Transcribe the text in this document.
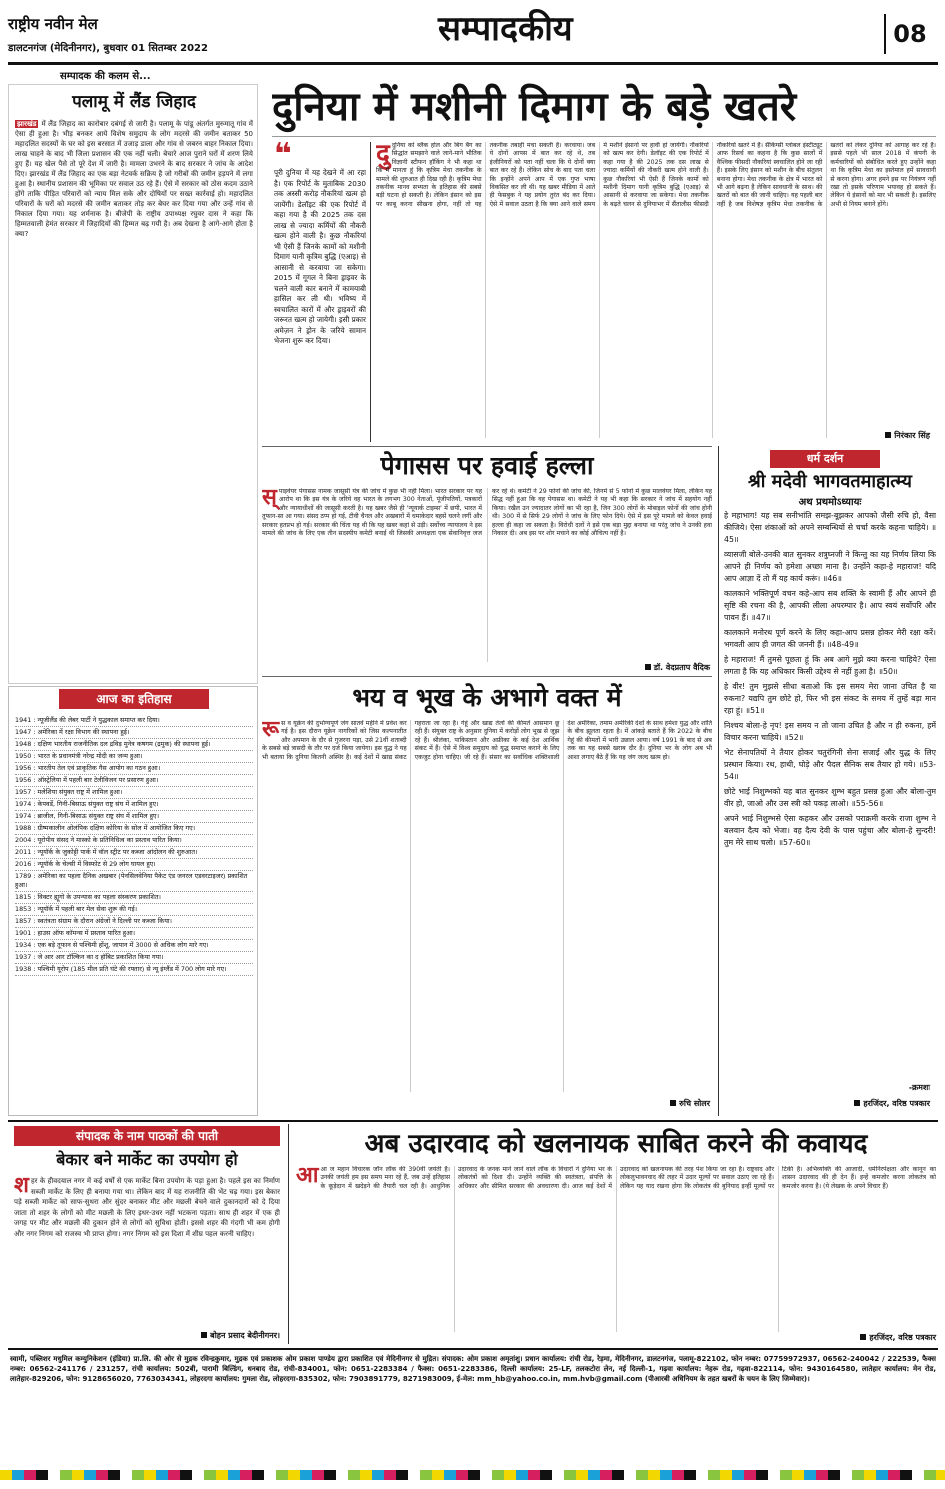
राष्ट्रीय नवीन मेल
डालटनगंज (मेदिनीनगर), बुधवार 01 सितम्बर 2022	सम्पादकीय	08
सम्पादक की कलम से...
पलामू में लैंड जिहाद
झारखंड में लैंड जिहाद का कारोबार दबंगई से जारी है। पलामू के पांडू अंतर्गत मुरुमातू गांव में ऐसा ही हुआ है। भीड़ बनकर आये विशेष समुदाय के लोग मदरसे की जमीन बताकर 50 महादलित सदस्यों के घर को इस बरसात में उजाड़ डाला और गांव से जबरन बाहर निकाल दिया। लाख चाहने के बाद भी जिला प्रशासन की एक नहीं चली। बेचारे आज पुराने घरों में शरण लिये हुए हैं। यह खेल पैसे तो पूरे देश में जारी है। मामला उभरने के बाद सरकार ने जांच के आदेश दिए। झारखंड में लैंड जिहाद का एक बड़ा नेटवर्क सक्रिय है जो गरीबों की जमीन हड़पने में लगा हुआ है। स्थानीय प्रशासन की भूमिका पर सवाल उठ रहे हैं। ऐसे में सरकार को ठोस कदम उठाने होंगे ताकि पीड़ित परिवारों को न्याय मिल सके और दोषियों पर सख्त कार्रवाई हो। महादलित परिवारों के घरों को मदरसे की जमीन बताकर तोड़ कर बेघर कर दिया गया और उन्हें गांव से निकाल दिया गया। यह शर्मनाक है। बीजेपी के राष्ट्रीय उपाध्यक्ष रघुवर दास ने कहा कि हिम्मतवाली हेमंत सरकार में जिहादियों की हिम्मत बढ़ गयी है। अब देखना है आगे-आगे होता है क्या?
आज का इतिहास
1941 : न्यूजीलैंड की लेबर पार्टी ने युद्धकाल समाप्त कर दिया।
1947 : अमेरिका में रक्षा विभाग की स्थापना हुई।
1948 : दक्षिण भारतीय राजनीतिक दल द्रविड़ मुनेत्र कषगम (द्रमुक) की स्थापना हुई।
1950 : भारत के प्रधानमंत्री नरेन्द्र मोदी का जन्म हुआ।
1956 : भारतीय तेल एवं प्राकृतिक गैस आयोग का गठन हुआ।
1956 : ऑस्ट्रेलिया में पहली बार टेलीविजन पर प्रसारण हुआ।
1957 : मलेशिया संयुक्त राष्ट्र में शामिल हुआ।
1974 : केपवर्डे, गिनी-बिसाऊ संयुक्त राष्ट्र संघ में शामिल हुए।
1974 : ब्राजील, गिनी-बिसाऊ संयुक्त राष्ट्र संघ में शामिल हुए।
1988 : ग्रीष्मकालीन ओलंपिक दक्षिण कोरिया के सोल में आयोजित किए गए।
2004 : यूरोपीय संसद ने मास्को के प्रतिनिधित्व का प्रस्ताव पारित किया।
2011 : न्यूयॉर्क के जुकोट्टी पार्क में वॉल स्ट्रीट पर कब्जा आंदोलन की शुरुआत।
2016 : न्यूयॉर्क के चेल्सी में विस्फोट से 29 लोग घायल हुए।
1789 : अमेरिका का पहला दैनिक अखबार (पेनसिलवेनिया पैकेट एंड जनरल एडवरटाइजर) प्रकाशित हुआ।
1815 : विक्टर ह्यूगो के उपन्यास का पहला संस्करण प्रकाशित।
1853 : न्यूयॉर्क में पहली बार मेल सेवा शुरू की गई।
1857 : स्वतंत्रता संग्राम के दौरान अंग्रेजों ने दिल्ली पर कब्जा किया।
1901 : हाउस ऑफ कॉमन्स में प्रस्ताव पारित हुआ।
1934 : एक बड़े तूफान से पश्चिमी होंशू, जापान में 3000 से अधिक लोग मारे गए।
1937 : जे आर आर टॉल्किन का द हॉबिट प्रकाशित किया गया।
1938 : पश्चिमी यूरोप (185 मील प्रति घंटे की रफ्तार) से न्यू इंग्लैंड में 700 लोग मारे गए।
दुनिया में मशीनी दिमाग के बड़े खतरे
❝
पूरी दुनिया में यह देखने में आ रहा है। एक रिपोर्ट के मुताबिक 2030 तक अस्सी करोड़ नौकरियां खत्म हो जायेंगी। डेलॉइट की एक रिपोर्ट में कहा गया है की 2025 तक दस लाख से ज्यादा कर्मियों की नौकरी खत्म होने वाली है। कुछ नौकरियां भी ऐसी हैं जिनके कामों को मशीनी दिमाग यानी कृत्रिम बुद्धि (एआइ) से आसानी से करवाया जा सकेगा। 2015 में गूगल ने बिना ड्राइवर के चलने वाली कार बनाने में कामयाबी हासिल कर ली थी। भविष्य में स्वचालित कारों में और ड्राइवरों की जरूरत खत्म हो जायेगी। इसी प्रकार अमेज़न ने ड्रोन के जरिये सामान भेजना शुरू कर दिया।
दुदुनिया को ब्लैक होल और बिग बैंग का सिद्धांत समझाने वाले जाने-माने भौतिक विज्ञानी स्टीफन हॉकिंग ने भी कहा था कि मैं मानता हूं कि कृत्रिम मेधा तकनीक के मामले की शुरुआत ही दिख रही है। कृत्रिम मेधा तकनीक मानव सभ्यता के इतिहास की सबसे बड़ी घटना हो सकती है। लेकिन इंसान को इस पर काबू करना सीखना होगा, नहीं तो यह तकनीक तबाही मचा सकती है। करवाया। जब ये दोनों आपस में बात कर रहे थे, तब इंजीनियरों को पता नहीं चला कि ये दोनों क्या बात कर रहे हैं। लेकिन सोच के बाद पता चला कि इन्होंने अपने आप में एक गुप्त भाषा विकसित कर ली थी। यह खबर मीडिया में आते ही फेसबुक ने यह प्रयोग तुरंत बंद कर दिया। ऐसे में सवाल उठता है कि क्या आने वाले समय में मशीनें इंसानों पर हावी हो जायेंगी। नौकरियों को खत्म कर देगी। डेलॉइट की एक रिपोर्ट में कहा गया है की 2025 तक दस लाख से ज्यादा कर्मियों की नौकरी खत्म होने वाली है। कुछ नौकरियां भी ऐसी हैं जिनके कामों को मशीनी दिमाग यानी कृत्रिम बुद्धि (एआइ) से आसानी से करवाया जा सकेगा। मेधा तकनीक के बढ़ते चलन से दुनियाभर में सैंतालीस फीसदी नौकरियों खतरे में हैं। सैकिंग्सी ग्लोबल इंस्टीट्यूट आफ रिसर्च का कहना है कि कुछ सालों में वैश्विक फीसदी नौकरियां स्वचालित होने जा रही हैं। इसके लिए इंसान को मशीन के बीच संतुलन बनाना होगा। मेधा तकनीक के क्षेत्र में भारत को भी आगे बढ़ना है लेकिन सावधानी के साथ। की खतरों को बात की जानी चाहिए। यह पहली बार नहीं है जब विशेषज्ञ कृत्रिम मेधा तकनीक के खतरों को लेकर दुनिया को आगाह कर रहे हैं। इससे पहले भी साल 2018 में कंपनी के कर्मचारियों को संबोधित करते हुए उन्होंने कहा था कि कृत्रिम मेधा का इस्तेमाल हमें सावधानी से करना होगा। अगर हमने इस पर नियंत्रण नहीं रखा तो इसके परिणाम भयावह हो सकते हैं। लेकिन ये इंसानों को मार भी सकती है। इसलिए अभी से नियम बनाने होंगे।
निरंकार सिंह
पेगासस पर हवाई हल्ला
स्पाइवेयर पेगासस नामक जासूसी यंत्र की जांच में कुछ भी नहीं मिला। भारत सरकार पर यह आरोप था कि इस यंत्र के जरिये वह भारत के लगभग 300 नेताओं, पूंजीपतियों, पत्रकारों और न्यायाधीशों की जासूसी करती है। यह खबर जैसे ही 'न्यूयार्क टाइम्स' में छपी, भारत में तूफान-सा आ गया। संसद ठप्प हो गई, टीवी चैनल और अखबारों में धमाकेदार बहसें चलने लगीं और सरकार हतप्रभ हो गई। सरकार की चिंता यह थी कि यह खबर कहां से उड़ी। सर्वोच्च न्यायालय ने इस मामले की जांच के लिए एक तीन सदस्यीय कमेटी बनाई थी जिसकी अध्यक्षता एक सेवानिवृत्त जज कर रहे थे। कमेटी ने 29 फोनों की जांच की, जिनमें से 5 फोनों में कुछ मालवेयर मिला, लेकिन यह सिद्ध नहीं हुआ कि वह पेगासस था। कमेटी ने यह भी कहा कि सरकार ने जांच में सहयोग नहीं किया। रखैल उन ज्यादातर लोगों का भी रहा है, जिन 300 लोगों के मोबाइल फोनों की जांच होनी थी। 300 में से सिर्फ 29 लोगों ने जांच के लिए फोन दिये। ऐसे में इस पूरे मामले को केवल हवाई हल्ला ही कहा जा सकता है। विरोधी दलों ने इसे एक बड़ा मुद्दा बनाया था परंतु जांच ने उनकी हवा निकाल दी। अब इस पर शोर मचाने का कोई औचित्य नहीं है।
डॉ. वेदप्रताप वैदिक
भय व भूख के अभागे वक्त में
रूस व यूक्रेन की दुर्भाग्यपूर्ण जंग सातवें महीने में प्रवेश कर गई है। इस दौरान यूक्रेन नागरिकों को जिस कल्पनातीत और अपमान के दौर से गुजरना पड़ा, उसे 21वीं शताब्दी के सबसे बड़े त्रासदी के तौर पर दर्ज किया जायेगा। इस युद्ध ने यह भी बताया कि दुनिया कितनी अस्थिर है। कई देशों में खाद्य संकट गहराता जा रहा है। गेहूं और खाद्य तेलों की कीमतें आसमान छू रही हैं। संयुक्त राष्ट्र के अनुसार दुनिया में करोड़ों लोग भूख से जूझ रहे हैं। श्रीलंका, पाकिस्तान और अफ्रीका के कई देश आर्थिक संकट में हैं। ऐसे में विश्व समुदाय को युद्ध समाप्त कराने के लिए एकजुट होना चाहिए। जी रहे हैं। संसार का सर्वाधिक शक्तिशाली देश अमेरिका, तमाम अमेरिकी देशों के साथ हमेशा युद्ध और शांति के बीच झूलता रहता है। में आंकड़े बताते हैं कि 2022 के बीच गेहूं की कीमतों में भारी उछाल आया। वर्ष 1991 के बाद से अब तक का यह सबसे खराब दौर है। दुनिया भर के लोग अब भी आशा लगाए बैठे हैं कि यह जंग जल्द खत्म हो।
रुचि सोलर
धर्म दर्शन
श्री मदेवी भागवतमाहात्म्य
अथ प्रथमोऽध्यायः

हे महाभाग! यह सब सनीभांति समझ-बूझकर आपको जैसी रुचि हो, वैसा कीजिये। ऐसा शंकाओं को अपने सम्बन्धियों से चर्चा करके कहना चाहिये। ॥45॥

व्यासजी बोले-उनकी बात सुनकर शत्रुघ्नजी ने किन्तु का यह निर्णय लिया कि आपने ही निर्णय को हमेशा अच्छा माना है। उन्होंने कहा-हे महाराज! यदि आप आज्ञा दें तो मैं यह कार्य करूं। ॥46॥

कालकाने भक्तिपूर्ण वचन कहे-आप सब शक्ति के स्वामी हैं और आपने ही सृष्टि की रचना की है, आपकी लीला अपरम्पार है। आप स्वयं सर्वोपरि और पावन हैं। ॥47॥

कालकाने मनोरथ पूर्ण करने के लिए कहा-आप प्रसन्न होकर मेरी रक्षा करें। भगवती आप ही जगत की जननी हैं। ॥48-49॥

हे महाराज! मैं तुमसे पूछता हूं कि अब आगे मुझे क्या करना चाहिये? ऐसा लगता है कि यह अधिकार किसी उद्देश्य से नहीं हुआ है। ॥50॥

हे वीर! तुम मुझसे सीधा बताओ कि इस समय मेरा जाना उचित है या रुकना? यद्यपि तुम छोटे हो, फिर भी इस संकट के समय में तुम्हें बड़ा मान रहा हूं। ॥51॥

निश्चय बोला-हे नृप! इस समय न तो जाना उचित है और न ही रुकना, हमें विचार करना चाहिये। ॥52॥

भेट सेनापतियों ने तैयार होकर चतुरंगिनी सेना सजाई और युद्ध के लिए प्रस्थान किया। रथ, हाथी, घोड़े और पैदल सैनिक सब तैयार हो गये। ॥53-54॥

छोटे भाई निशुम्भको यह बात सुनकर शुम्भ बहुत प्रसन्न हुआ और बोला-तुम वीर हो, जाओ और उस स्त्री को पकड़ लाओ। ॥55-56॥

अपने भाई निशुम्भसे ऐसा कहकर और उसको पराक्रमी करके राजा शुम्भ ने बलवान दैत्य को भेजा। वह दैत्य देवी के पास पहुंचा और बोला-हे सुन्दरी! तुम मेरे साथ चलो। ॥57-60॥

-क्रमशः
हरजिंदर, वरिष्ठ पत्रकार
संपादक के नाम पाठकों की पाती
बेकार बने मार्केट का उपयोग हो
शहर के हीवदयाल नगर में कई वर्षों से एक मार्केट बिना उपयोग के पड़ा हुआ है। पहले इस का निर्माण सब्जी मार्केट के लिए ही बनाया गया था। लेकिन बाद में यह राजनीति की भेंट चढ़ गया। इस बेकार पड़े सब्जी मार्केट को साफ-सुथरा और सुंदर बनाकर मीट और मछली बेचने वाले दुकानदारों को दे दिया जाता तो शहर के लोगों को मीट मछली के लिए इधर-उधर नहीं भटकना पड़ता। साथ ही शहर में एक ही जगह पर मीट और मछली की दुकान होने से लोगों को सुविधा होती। इससे शहर की गंदगी भी कम होगी और नगर निगम को राजस्व भी प्राप्त होगा। नगर निगम को इस दिशा में शीघ्र पहल करनी चाहिए।
बोहन प्रसाद बेदीनीगनर।
अब उदारवाद को खलनायक साबित करने की कवायद
आआ ज महान विचारक जॉन लॉक की 390वीं जयंती है। उनकी जयंती हम इस समय मना रहे हैं, जब उन्हें इतिहास के कूड़ेदान में खदेड़ने की तैयारी चल रही है। आधुनिक उदारवाद के जनक माने जाने वाले लॉक के विचारों ने दुनिया भर के लोकतंत्रों को दिशा दी। उन्होंने व्यक्ति की स्वतंत्रता, संपत्ति के अधिकार और सीमित सरकार की अवधारणा दी। आज कई देशों में उदारवाद को खलनायक की तरह पेश किया जा रहा है। राष्ट्रवाद और लोकलुभावनवाद की लहर में उदार मूल्यों पर सवाल उठाए जा रहे हैं। लेकिन यह याद रखना होगा कि लोकतंत्र की बुनियाद इन्हीं मूल्यों पर टिकी है। अभिव्यक्ति की आजादी, धर्मनिरपेक्षता और कानून का शासन उदारवाद की ही देन हैं। इन्हें कमजोर करना लोकतंत्र को कमजोर करना है। (ये लेखक के अपने विचार हैं)
हरजिंदर, वरिष्ठ पत्रकार
स्वामी, पब्लिशर मधुमिल कम्युनिकेशन (इंडिया) प्रा.लि. की ओर से मुद्रक रविन्द्रकुमार, मुद्रक एवं प्रकाशक ओम प्रकाश पाण्डेय द्वारा प्रकाशित एवं मेदिनीनगर से मुद्रित। संपादक: ओम प्रकाश अमृतांशु। प्रधान कार्यालय: रांची रोड, रेड़मा, मेदिनीनगर, डालटनगंज, पलामू-822102, फोन नम्बर: 07759972937, 06562-240042 / 222539, फैक्स नम्बर: 06562-241176 / 231257, रांची कार्यालय: 502बी, पारामी बिल्डिंग, धनबाद रोड, रांची-834001, फोन: 0651-2283384 / फैक्स: 0651-2283386, दिल्ली कार्यालय: 25-LF, तलकटोरा लेन, नई दिल्ली-1, गढ़वा कार्यालय: नेहरू रोड, गढ़वा-822114, फोन: 9430164580, लातेहार कार्यालय: मेन रोड, लातेहार-829206, फोन: 9128656020, 7763034341, लोहरदगा कार्यालय: गुमला रोड, लोहरदगा-835302, फोन: 7903891779, 8271983009, ई-मेल: mm_hb@yahoo.co.in, mm.hvb@gmail.com (पीआरबी अधिनियम के तहत खबरों के चयन के लिए जिम्मेवार)।
